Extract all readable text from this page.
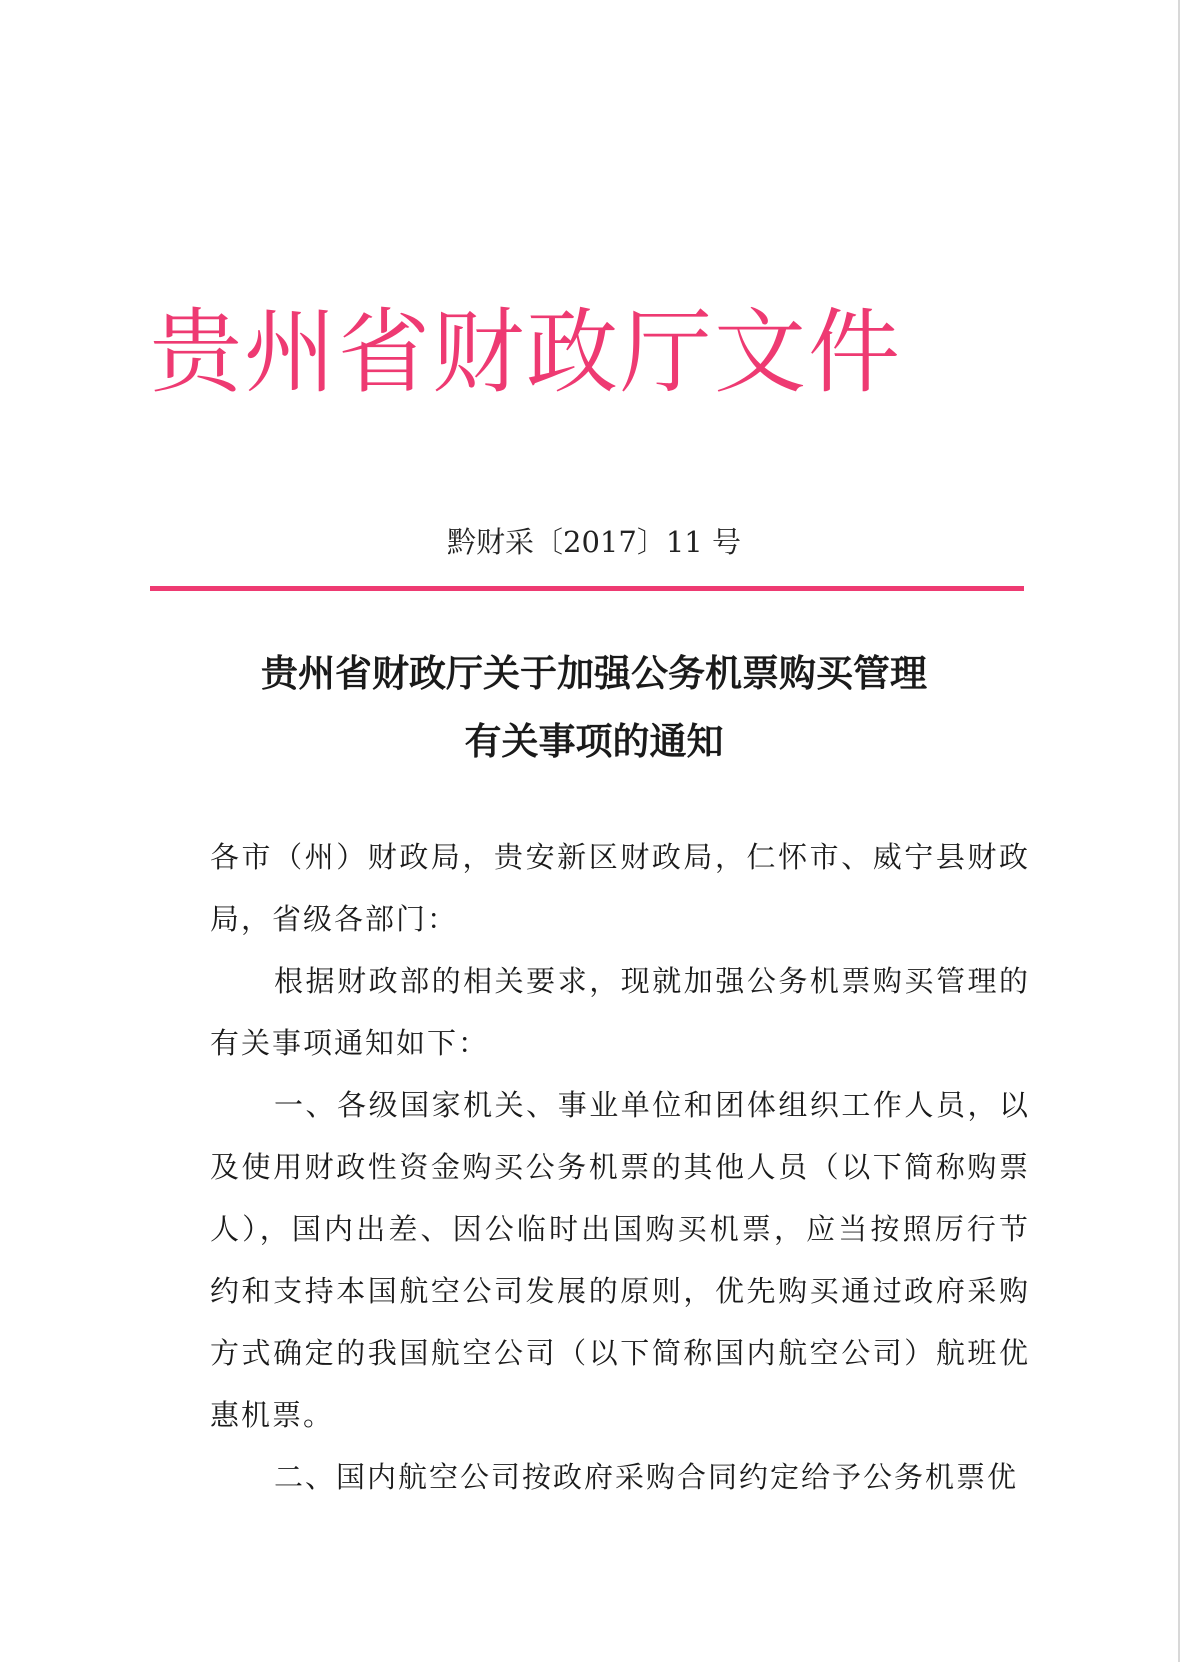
贵州省财政厅文件
黔财采〔2017〕11 号
贵州省财政厅关于加强公务机票购买管理
有关事项的通知

各市（州）财政局，贵安新区财政局，仁怀市、威宁县财政局，省级各部门：

根据财政部的相关要求，现就加强公务机票购买管理的有关事项通知如下：

一、各级国家机关、事业单位和团体组织工作人员，以及使用财政性资金购买公务机票的其他人员（以下简称购票人），国内出差、因公临时出国购买机票，应当按照厉行节约和支持本国航空公司发展的原则，优先购买通过政府采购方式确定的我国航空公司（以下简称国内航空公司）航班优惠机票。

二、国内航空公司按政府采购合同约定给予公务机票优
